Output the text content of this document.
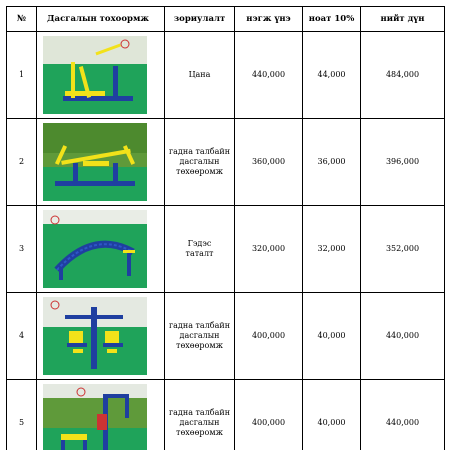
№	Дасгалын тохоормж	зориулалт	нэгж үнэ	ноат 10%	нийт дүн
1		Цана	440,000	44,000	484,000
2		гадна талбайн
дасгалын
төхөөромж	360,000	36,000	396,000
3		Гэдэс
таталт	320,000	32,000	352,000
4		гадна талбайн
дасгалын
төхөөромж	400,000	40,000	440,000
5		гадна талбайн
дасгалын
төхөөромж	400,000	40,000	440,000
